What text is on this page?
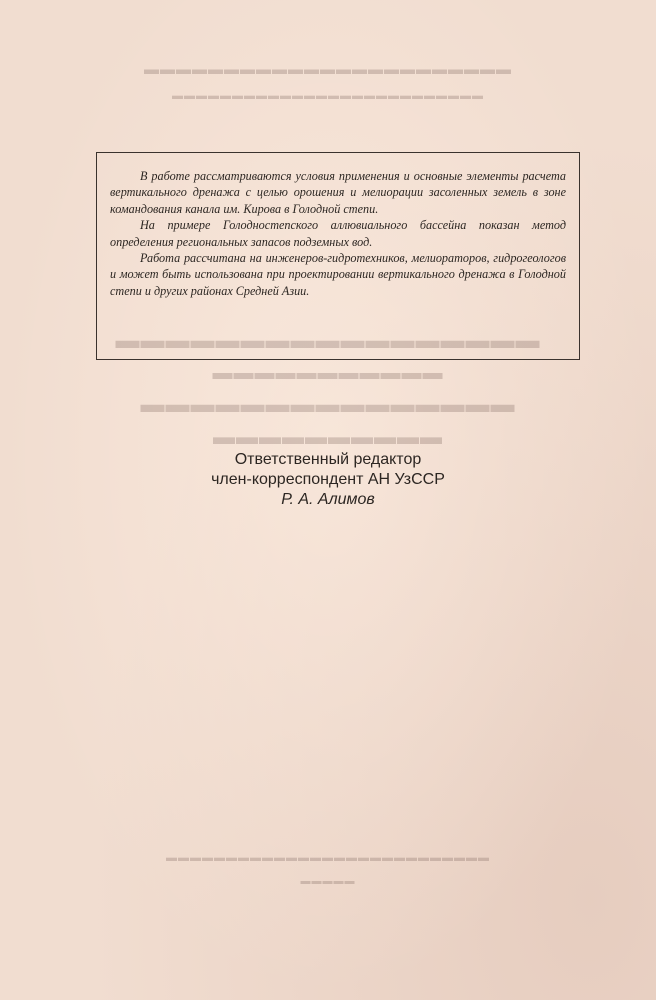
▬▬▬▬▬▬▬▬▬▬▬▬▬▬▬▬▬▬▬▬▬▬▬
▬▬▬▬▬▬▬▬▬▬▬▬▬▬▬▬▬▬▬▬▬▬▬▬▬▬
▬▬▬▬▬▬▬▬▬▬▬▬▬▬▬▬▬
▬▬▬▬▬▬▬▬▬▬▬
▬▬▬▬▬▬▬▬▬▬▬▬▬▬▬
▬▬▬▬▬▬▬▬▬▬
▬▬▬▬▬▬▬▬▬▬▬▬▬▬▬▬▬▬▬▬▬▬▬▬▬▬▬
▬▬▬▬▬

В работе рассматриваются условия применения и основные элементы расчета вертикального дренажа с целью орошения и мелиорации засоленных земель в зоне командования канала им. Кирова в Голодной степи.

На примере Голодностепского аллювиального бассейна показан метод определения региональных запасов подземных вод.

Работа рассчитана на инженеров-гидротехников, мелиораторов, гидрогеологов и может быть использована при проектировании вертикального дренажа в Голодной степи и других районах Средней Азии.

Ответственный редактор
член-корреспондент АН УзССР
Р. А. Алимов
